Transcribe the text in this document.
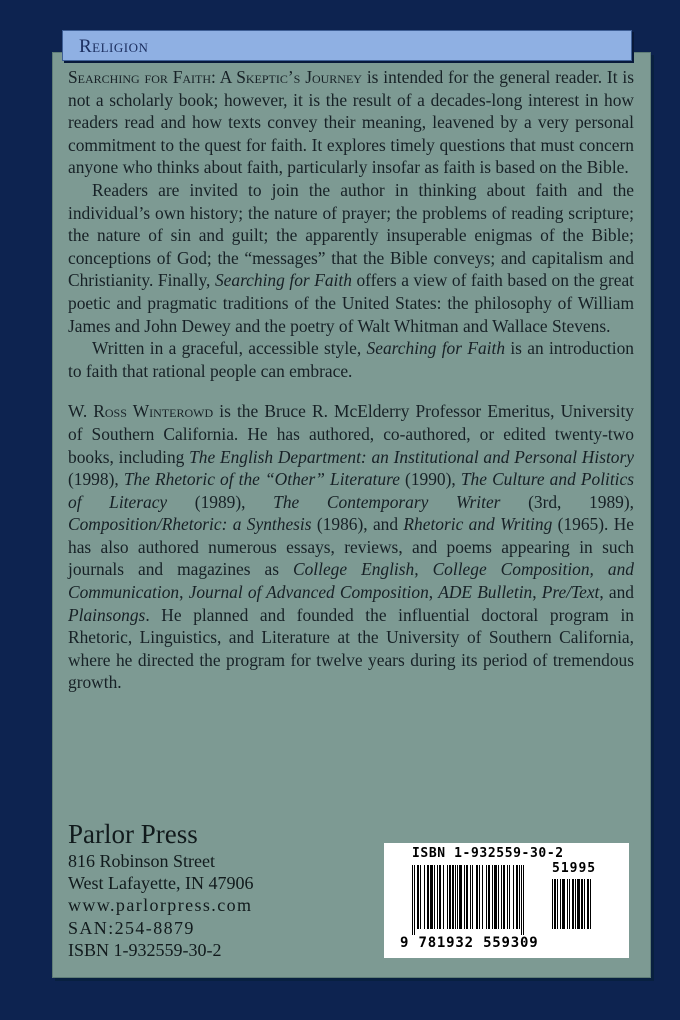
Religion

Searching for Faith: A Skeptic’s Journey is intended for the general reader. It is not a scholarly book; however, it is the result of a decades-long interest in how readers read and how texts convey their meaning, leavened by a very personal commitment to the quest for faith. It explores timely questions that must concern anyone who thinks about faith, particularly insofar as faith is based on the Bible.

Readers are invited to join the author in thinking about faith and the individual’s own history; the nature of prayer; the problems of reading scripture; the nature of sin and guilt; the apparently insuperable enigmas of the Bible; conceptions of God; the “messages” that the Bible conveys; and capitalism and Christianity. Finally, Searching for Faith offers a view of faith based on the great poetic and pragmatic traditions of the United States: the philosophy of William James and John Dewey and the poetry of Walt Whitman and Wallace Stevens.

Written in a graceful, accessible style, Searching for Faith is an introduction to faith that rational people can embrace.

W. Ross Winterowd is the Bruce R. McElderry Professor Emeritus, University of Southern California. He has authored, co-authored, or edited twenty-two books, including The English Department: an Institutional and Personal History (1998), The Rhetoric of the “Other” Literature (1990), The Culture and Politics of Literacy (1989), The Contemporary Writer (3rd, 1989), Composition/Rhetoric: a Synthesis (1986), and Rhetoric and Writing (1965). He has also authored numerous essays, reviews, and poems appearing in such journals and magazines as College English, College Composition, and Communication, Journal of Advanced Composition, ADE Bulletin, Pre/Text, and Plainsongs. He planned and founded the influential doctoral program in Rhetoric, Linguistics, and Literature at the University of Southern California, where he directed the program for twelve years during its period of tremendous growth.

Parlor Press
816 Robinson Street
West Lafayette, IN 47906
www.parlorpress.com
SAN:254-8879
ISBN 1-932559-30-2
ISBN 1-932559-30-2
51995
9 781932 559309
